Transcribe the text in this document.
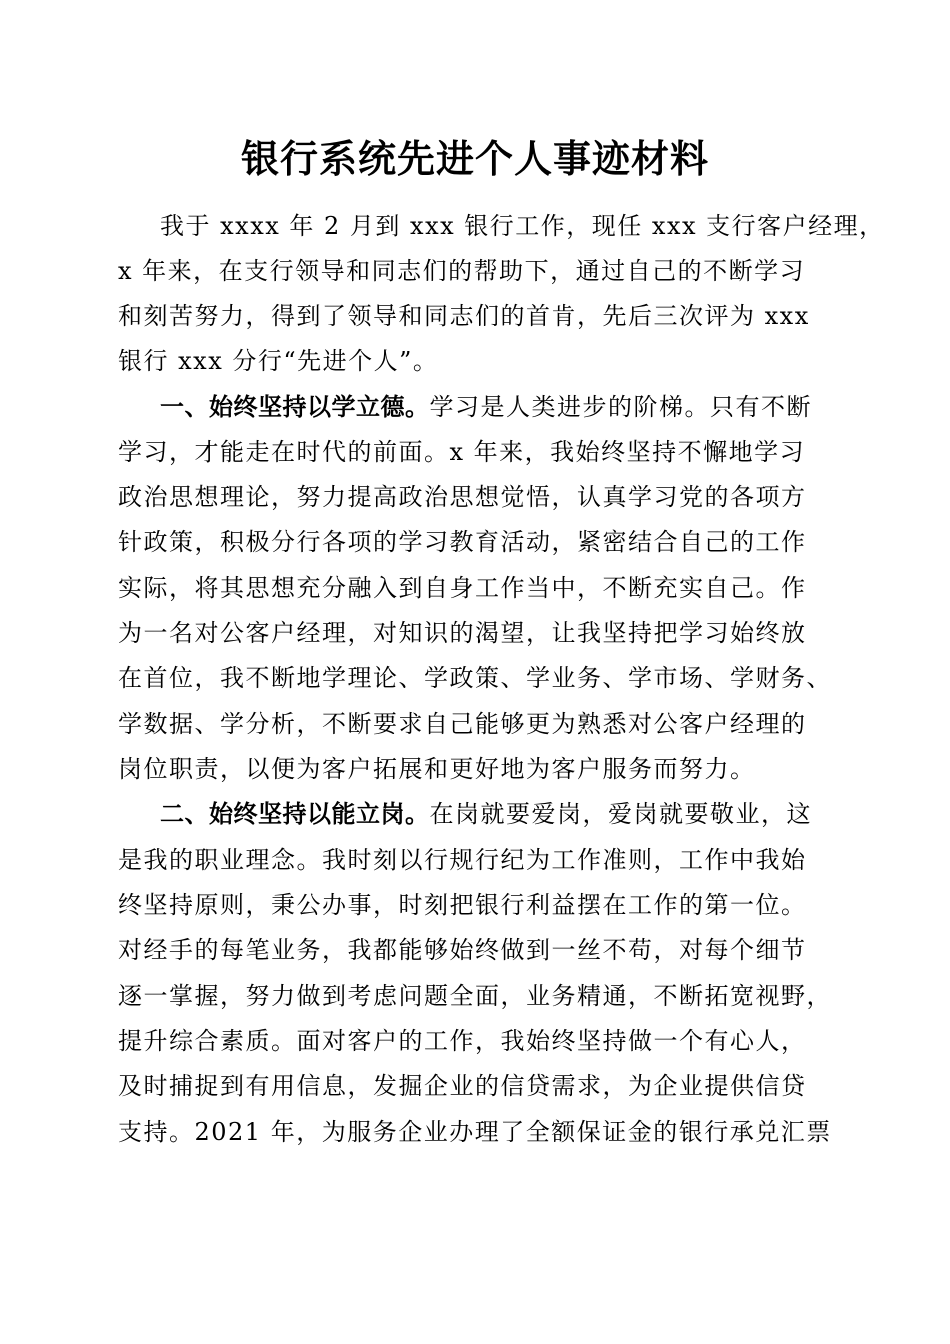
银行系统先进个人事迹材料
我于 xxxx 年 2 月到 xxx 银行工作，现任 xxx 支行客户经理，
x 年来，在支行领导和同志们的帮助下，通过自己的不断学习
和刻苦努力，得到了领导和同志们的首肯，先后三次评为 xxx
银行 xxx 分行“先进个人”。
一、始终坚持以学立德。学习是人类进步的阶梯。只有不断
学习，才能走在时代的前面。x 年来，我始终坚持不懈地学习
政治思想理论，努力提高政治思想觉悟，认真学习党的各项方
针政策，积极分行各项的学习教育活动，紧密结合自己的工作
实际，将其思想充分融入到自身工作当中，不断充实自己。作
为一名对公客户经理，对知识的渴望，让我坚持把学习始终放
在首位，我不断地学理论、学政策、学业务、学市场、学财务、
学数据、学分析，不断要求自己能够更为熟悉对公客户经理的
岗位职责，以便为客户拓展和更好地为客户服务而努力。
二、始终坚持以能立岗。在岗就要爱岗，爱岗就要敬业，这
是我的职业理念。我时刻以行规行纪为工作准则，工作中我始
终坚持原则，秉公办事，时刻把银行利益摆在工作的第一位。
对经手的每笔业务，我都能够始终做到一丝不苟，对每个细节
逐一掌握，努力做到考虑问题全面，业务精通，不断拓宽视野，
提升综合素质。面对客户的工作，我始终坚持做一个有心人，
及时捕捉到有用信息，发掘企业的信贷需求，为企业提供信贷
支持。2021 年，为服务企业办理了全额保证金的银行承兑汇票
